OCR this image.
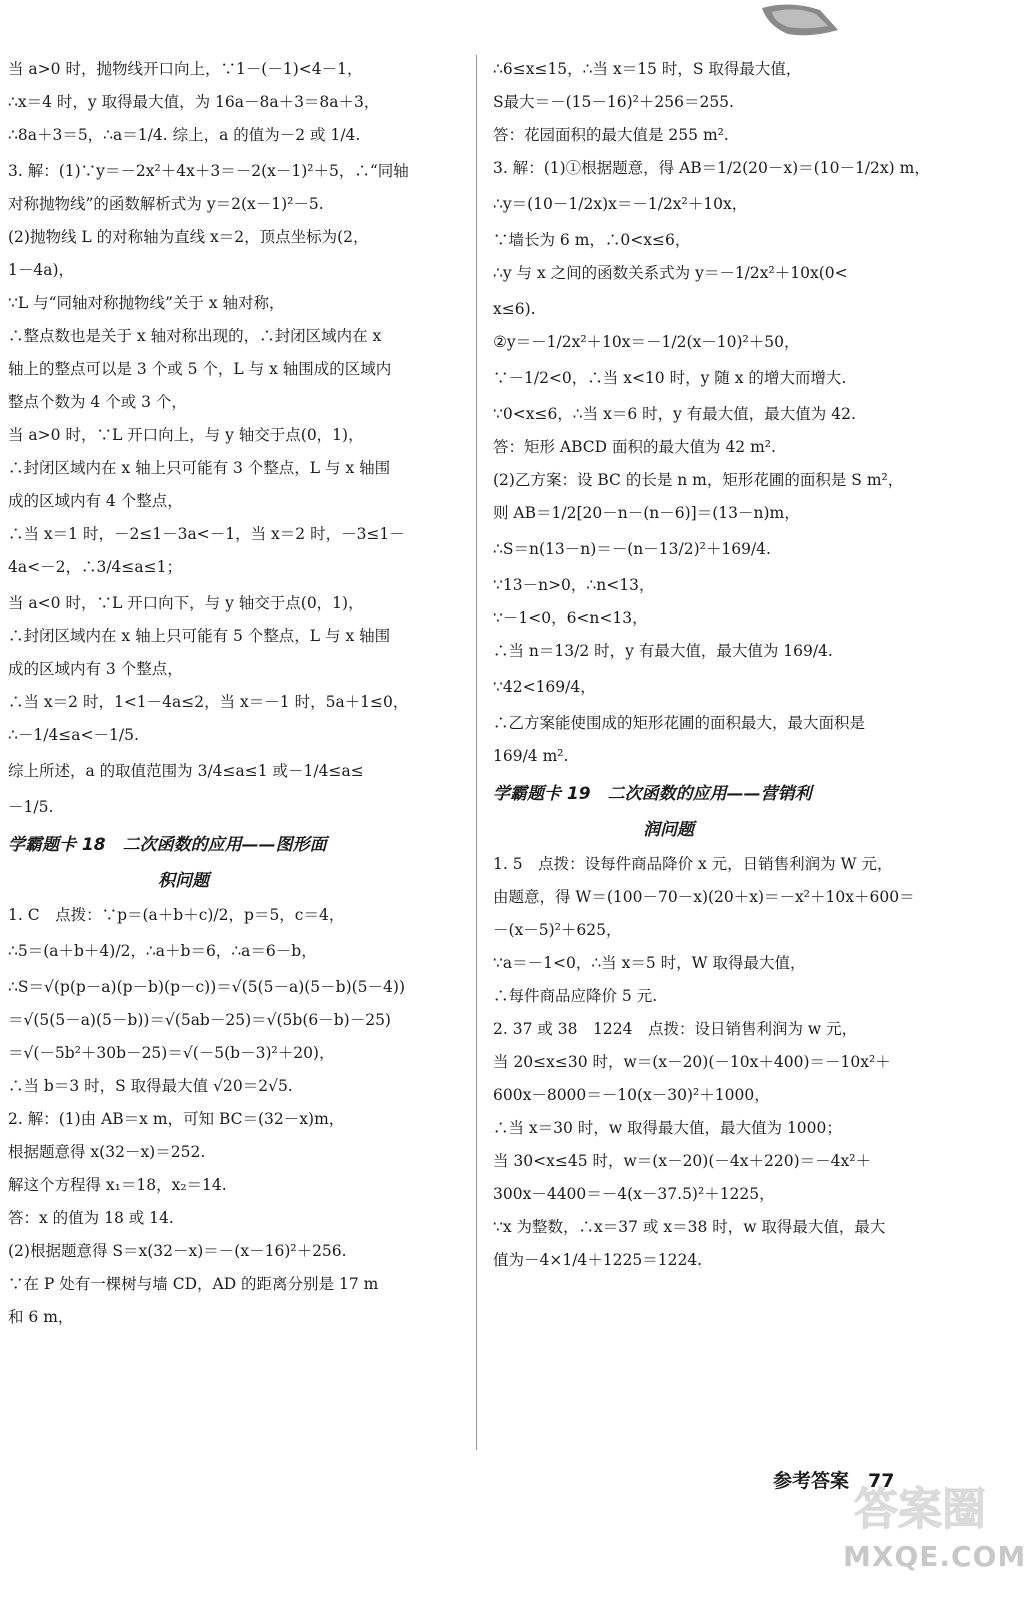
当 a>0 时，抛物线开口向上，∵1－(－1)<4－1，
∴x＝4 时，y 取得最大值，为 16a－8a＋3＝8a＋3，
∴8a＋3＝5，∴a＝1/4. 综上，a 的值为－2 或 1/4.
3. 解：(1)∵y＝－2x²＋4x＋3＝－2(x－1)²＋5，∴“同轴
对称抛物线”的函数解析式为 y＝2(x－1)²－5.
(2)抛物线 L 的对称轴为直线 x＝2，顶点坐标为(2，
1－4a)，
∵L 与“同轴对称抛物线”关于 x 轴对称，
∴整点数也是关于 x 轴对称出现的，∴封闭区域内在 x
轴上的整点可以是 3 个或 5 个，L 与 x 轴围成的区域内
整点个数为 4 个或 3 个，
当 a>0 时，∵L 开口向上，与 y 轴交于点(0，1)，
∴封闭区域内在 x 轴上只可能有 3 个整点，L 与 x 轴围
成的区域内有 4 个整点，
∴当 x＝1 时，－2≤1－3a<－1，当 x＝2 时，－3≤1－
4a<－2，∴3/4≤a≤1；
当 a<0 时，∵L 开口向下，与 y 轴交于点(0，1)，
∴封闭区域内在 x 轴上只可能有 5 个整点，L 与 x 轴围
成的区域内有 3 个整点，
∴当 x＝2 时，1<1－4a≤2，当 x＝－1 时，5a＋1≤0，
∴－1/4≤a<－1/5.
综上所述，a 的取值范围为 3/4≤a≤1 或－1/4≤a≤
－1/5.
学霸题卡 18　二次函数的应用——图形面
积问题
1. C　点拨：∵p＝(a＋b＋c)/2，p＝5，c＝4，
∴5＝(a＋b＋4)/2，∴a＋b＝6，∴a＝6－b，
∴S＝√(p(p－a)(p－b)(p－c))＝√(5(5－a)(5－b)(5－4))
＝√(5(5－a)(5－b))＝√(5ab－25)＝√(5b(6－b)－25)
＝√(－5b²＋30b－25)＝√(－5(b－3)²＋20)，
∴当 b＝3 时，S 取得最大值 √20＝2√5.
2. 解：(1)由 AB＝x m，可知 BC＝(32－x)m，
根据题意得 x(32－x)＝252.
解这个方程得 x₁＝18，x₂＝14.
答：x 的值为 18 或 14.
(2)根据题意得 S＝x(32－x)＝－(x－16)²＋256.
∵在 P 处有一棵树与墙 CD，AD 的距离分别是 17 m
和 6 m，
∴6≤x≤15，∴当 x＝15 时，S 取得最大值，
S最大＝－(15－16)²＋256＝255.
答：花园面积的最大值是 255 m².
3. 解：(1)①根据题意，得 AB＝1/2(20－x)＝(10－1/2x) m，
∴y＝(10－1/2x)x＝－1/2x²＋10x，
∵墙长为 6 m，∴0<x≤6，
∴y 与 x 之间的函数关系式为 y＝－1/2x²＋10x(0<
x≤6).
②y＝－1/2x²＋10x＝－1/2(x－10)²＋50，
∵－1/2<0，∴当 x<10 时，y 随 x 的增大而增大.
∵0<x≤6，∴当 x＝6 时，y 有最大值，最大值为 42.
答：矩形 ABCD 面积的最大值为 42 m².
(2)乙方案：设 BC 的长是 n m，矩形花圃的面积是 S m²，
则 AB＝1/2[20－n－(n－6)]＝(13－n)m，
∴S＝n(13－n)＝－(n－13/2)²＋169/4.
∵13－n>0，∴n<13，
∵－1<0，6<n<13，
∴当 n＝13/2 时，y 有最大值，最大值为 169/4.
∵42<169/4，
∴乙方案能使围成的矩形花圃的面积最大，最大面积是
169/4 m².
学霸题卡 19　二次函数的应用——营销利
润问题
1. 5　点拨：设每件商品降价 x 元，日销售利润为 W 元，
由题意，得 W＝(100－70－x)(20＋x)＝－x²＋10x＋600＝
－(x－5)²＋625，
∵a＝－1<0，∴当 x＝5 时，W 取得最大值，
∴每件商品应降价 5 元.
2. 37 或 38　1224　点拨：设日销售利润为 w 元，
当 20≤x≤30 时，w＝(x－20)(－10x＋400)＝－10x²＋
600x－8000＝－10(x－30)²＋1000，
∴当 x＝30 时，w 取得最大值，最大值为 1000；
当 30<x≤45 时，w＝(x－20)(－4x＋220)＝－4x²＋
300x－4400＝－4(x－37.5)²＋1225，
∵x 为整数，∴x＝37 或 x＝38 时，w 取得最大值，最大
值为－4×1/4＋1225＝1224.
参考答案　77
答案圈
MXQE.COM
